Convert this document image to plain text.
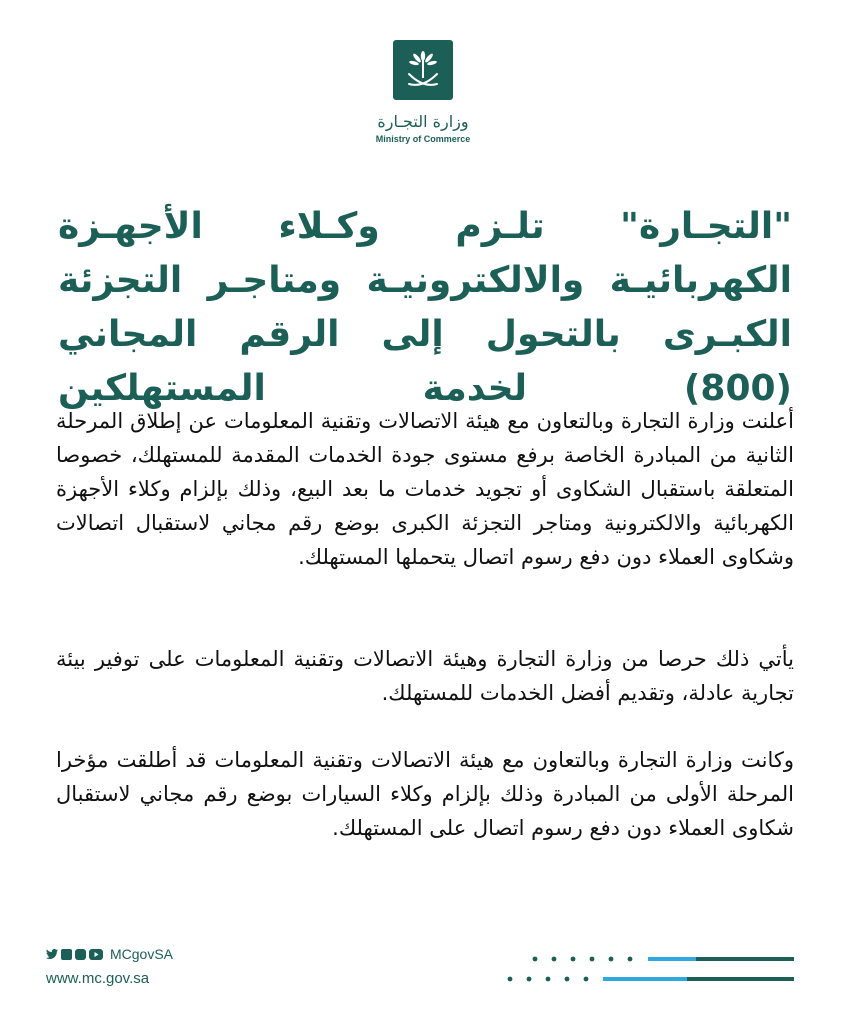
وزارة التجـارة
Ministry of Commerce
"التجـارة" تلـزم وكـلاء الأجهـزة الكهربائيـة والالكترونيـة ومتاجـر التجزئة الكبـرى بالتحول إلى الرقم المجاني (800) لخدمة المستهلكين

أعلنت وزارة التجارة وبالتعاون مع هيئة الاتصالات وتقنية المعلومات عن إطلاق المرحلة الثانية من المبادرة الخاصة برفع مستوى جودة الخدمات المقدمة للمستهلك، خصوصا المتعلقة باستقبال الشكاوى أو تجويد خدمات ما بعد البيع، وذلك بإلزام وكلاء الأجهزة الكهربائية والالكترونية ومتاجر التجزئة الكبرى بوضع رقم مجاني لاستقبال اتصالات وشكاوى العملاء دون دفع رسوم اتصال يتحملها المستهلك.

يأتي ذلك حرصا من وزارة التجارة وهيئة الاتصالات وتقنية المعلومات على توفير بيئة تجارية عادلة، وتقديم أفضل الخدمات للمستهلك.

وكانت وزارة التجارة وبالتعاون مع هيئة الاتصالات وتقنية المعلومات قد أطلقت مؤخرا المرحلة الأولى من المبادرة وذلك بإلزام وكلاء السيارات بوضع رقم مجاني لاستقبال شكاوى العملاء دون دفع رسوم اتصال على المستهلك.

MCgovSA
www.mc.gov.sa
